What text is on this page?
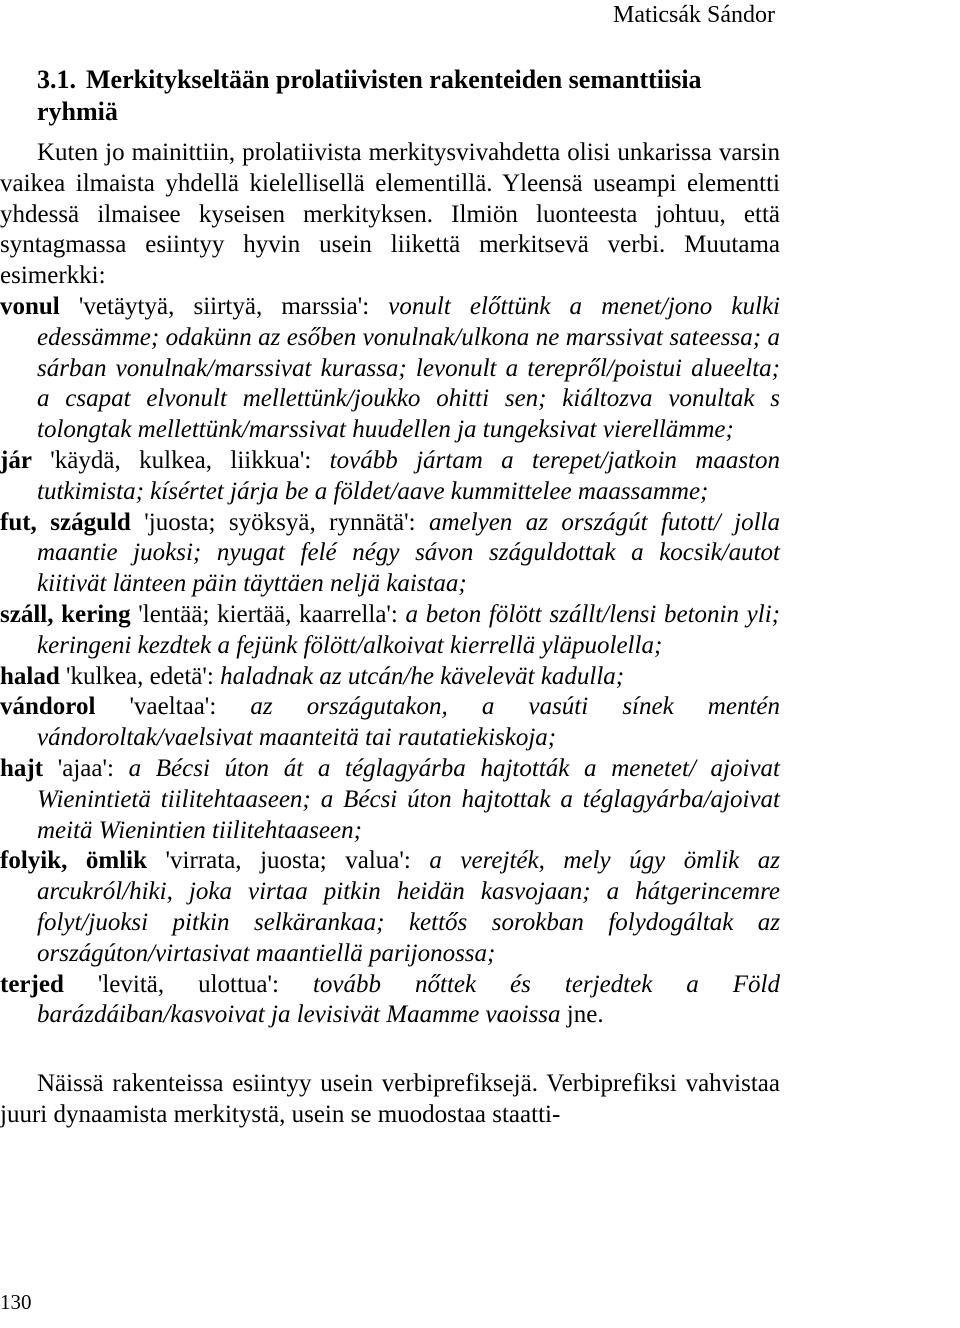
Maticsák Sándor
3.1. Merkitykseltään prolatiivisten rakenteiden semanttiisia ryhmiä

Kuten jo mainittiin, prolatiivista merkitysvivahdetta olisi unkarissa varsin vaikea ilmaista yhdellä kielellisellä elementillä. Yleensä useampi elementti yhdessä ilmaisee kyseisen merkityksen. Ilmiön luonteesta johtuu, että syntagmassa esiintyy hyvin usein liikettä merkitsevä verbi. Muutama esimerkki:

vonul 'vetäytyä, siirtyä, marssia': vonult előttünk a menet/jono kulki edessämme; odakünn az esőben vonulnak/ulkona ne marssivat sateessa; a sárban vonulnak/marssivat kurassa; levonult a terepről/poistui alueelta; a csapat elvonult mellettünk/joukko ohitti sen; kiáltozva vonultak s tolongtak mellettünk/marssivat huudellen ja tungeksivat vierellämme;

jár 'käydä, kulkea, liikkua': tovább jártam a terepet/jatkoin maaston tutkimista; kísértet járja be a földet/aave kummittelee maassamme;

fut, száguld 'juosta; syöksyä, rynnätä': amelyen az országút futott/ jolla maantie juoksi; nyugat felé négy sávon száguldottak a kocsik/autot kiitivät länteen päin täyttäen neljä kaistaa;

száll, kering 'lentää; kiertää, kaarrella': a beton fölött szállt/lensi betonin yli; keringeni kezdtek a fejünk fölött/alkoivat kierrellä yläpuolella;

halad 'kulkea, edetä': haladnak az utcán/he kävelevät kadulla;

vándorol 'vaeltaa': az országutakon, a vasúti sínek mentén vándoroltak/vaelsivat maanteitä tai rautatiekiskoja;

hajt 'ajaa': a Bécsi úton át a téglagyárba hajtották a menetet/ ajoivat Wienintietä tiilitehtaaseen; a Bécsi úton hajtottak a téglagyárba/ajoivat meitä Wienintien tiilitehtaaseen;

folyik, ömlik 'virrata, juosta; valua': a verejték, mely úgy ömlik az arcukról/hiki, joka virtaa pitkin heidän kasvojaan; a hátgerincemre folyt/juoksi pitkin selkärankaa; kettős sorokban folydogáltak az országúton/virtasivat maantiellä parijonossa;

terjed 'levitä, ulottua': tovább nőttek és terjedtek a Föld barázdáiban/kasvoivat ja levisivät Maamme vaoissa jne.

Näissä rakenteissa esiintyy usein verbiprefiksejä. Verbiprefiksi vahvistaa juuri dynaamista merkitystä, usein se muodostaa staatti-

130
